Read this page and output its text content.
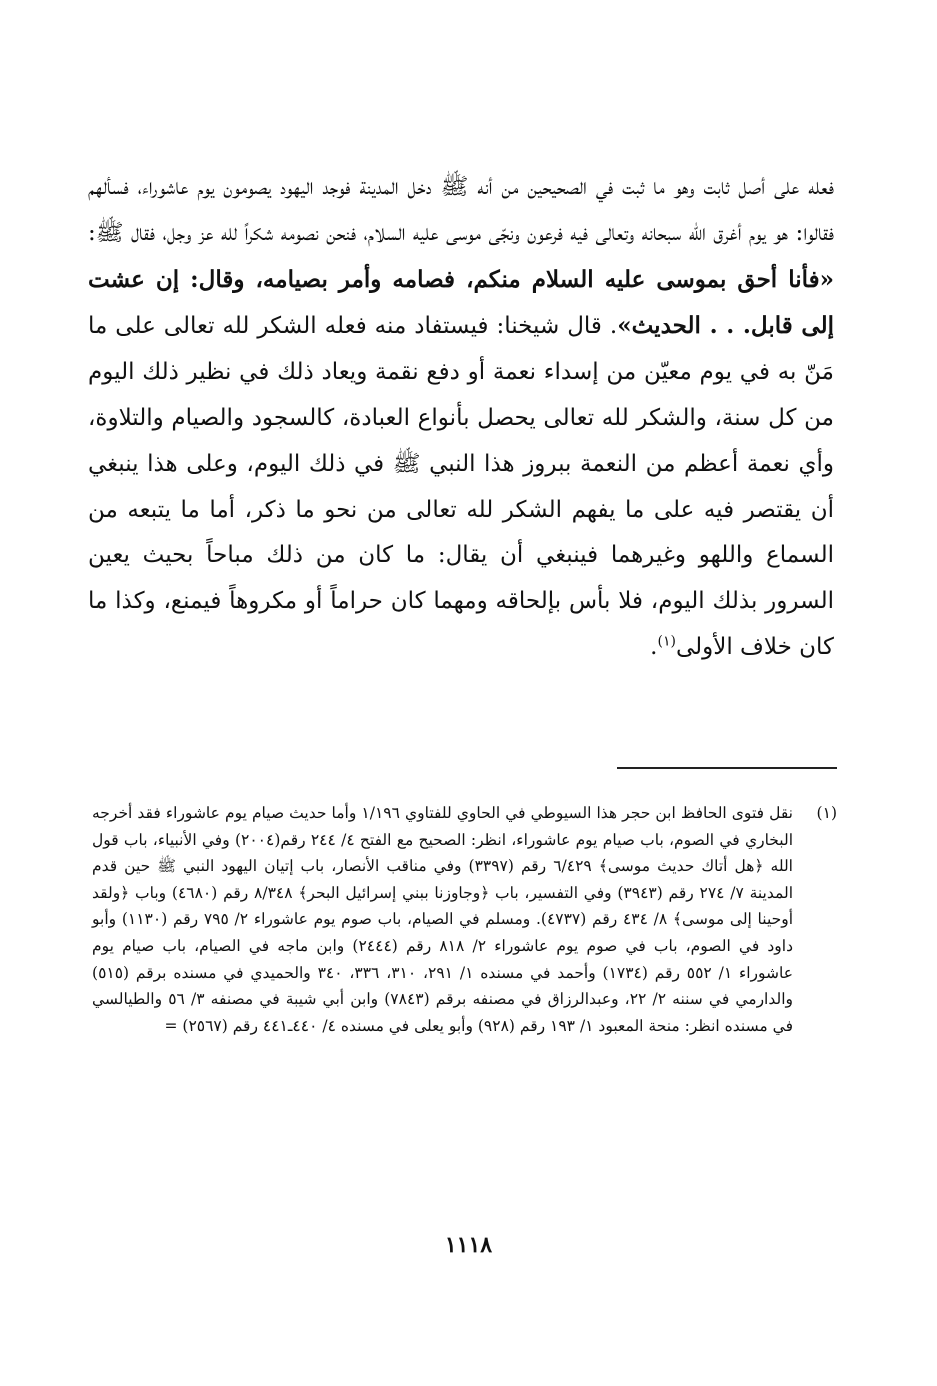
فعله على أصل ثابت وهو ما ثبت في الصحيحين من أنه ﷺ دخل المدينة فوجد اليهود يصومون يوم عاشوراء، فسألهم فقالوا: هو يوم أغرق الله سبحانه وتعالى فيه فرعون ونجّى موسى عليه السلام، فنحن نصومه شكراً لله عز وجل، فقال ﷺ: «فأنا أحق بموسى عليه السلام منكم، فصامه وأمر بصيامه، وقال: إن عشت إلى قابل. . . الحديث». قال شيخنا: فيستفاد منه فعله الشكر لله تعالى على ما مَنّ به في يوم معيّن من إسداء نعمة أو دفع نقمة ويعاد ذلك في نظير ذلك اليوم من كل سنة، والشكر لله تعالى يحصل بأنواع العبادة، كالسجود والصيام والتلاوة، وأي نعمة أعظم من النعمة ببروز هذا النبي ﷺ في ذلك اليوم، وعلى هذا ينبغي أن يقتصر فيه على ما يفهم الشكر لله تعالى من نحو ما ذكر، أما ما يتبعه من السماع واللهو وغيرهما فينبغي أن يقال: ما كان من ذلك مباحاً بحيث يعين السرور بذلك اليوم، فلا بأس بإلحاقه ومهما كان حراماً أو مكروهاً فيمنع، وكذا ما كان خلاف الأولى$^{(١)}$.

(١)

نقل فتوى الحافظ ابن حجر هذا السيوطي في الحاوي للفتاوي ١/١٩٦ وأما حديث صيام يوم عاشوراء فقد أخرجه البخاري في الصوم، باب صيام يوم عاشوراء، انظر: الصحيح مع الفتح ٤/ ٢٤٤ رقم(٢٠٠٤) وفي الأنبياء، باب قول الله ﴿هل أتاك حديث موسى﴾ ٦/٤٢٩ رقم (٣٣٩٧) وفي مناقب الأنصار، باب إتيان اليهود النبي ﷺ حين قدم المدينة ٧/ ٢٧٤ رقم (٣٩٤٣) وفي التفسير، باب ﴿وجاوزنا ببني إسرائيل البحر﴾ ٨/٣٤٨ رقم (٤٦٨٠) وباب ﴿ولقد أوحينا إلى موسى﴾ ٨/ ٤٣٤ رقم (٤٧٣٧). ومسلم في الصيام، باب صوم يوم عاشوراء ٢/ ٧٩٥ رقم (١١٣٠) وأبو داود في الصوم، باب في صوم يوم عاشوراء ٢/ ٨١٨ رقم (٢٤٤٤) وابن ماجه في الصيام، باب صيام يوم عاشوراء ١/ ٥٥٢ رقم (١٧٣٤) وأحمد في مسنده ١/ ٢٩١، ٣١٠، ٣٣٦، ٣٤٠ والحميدي في مسنده برقم (٥١٥) والدارمي في سننه ٢/ ٢٢، وعبدالرزاق في مصنفه برقم (٧٨٤٣) وابن أبي شيبة في مصنفه ٣/ ٥٦ والطيالسي في مسنده انظر: منحة المعبود ١/ ١٩٣ رقم (٩٢٨) وأبو يعلى في مسنده ٤/ ٤٤٠ـ٤٤١ رقم (٢٥٦٧) =

١١١٨
